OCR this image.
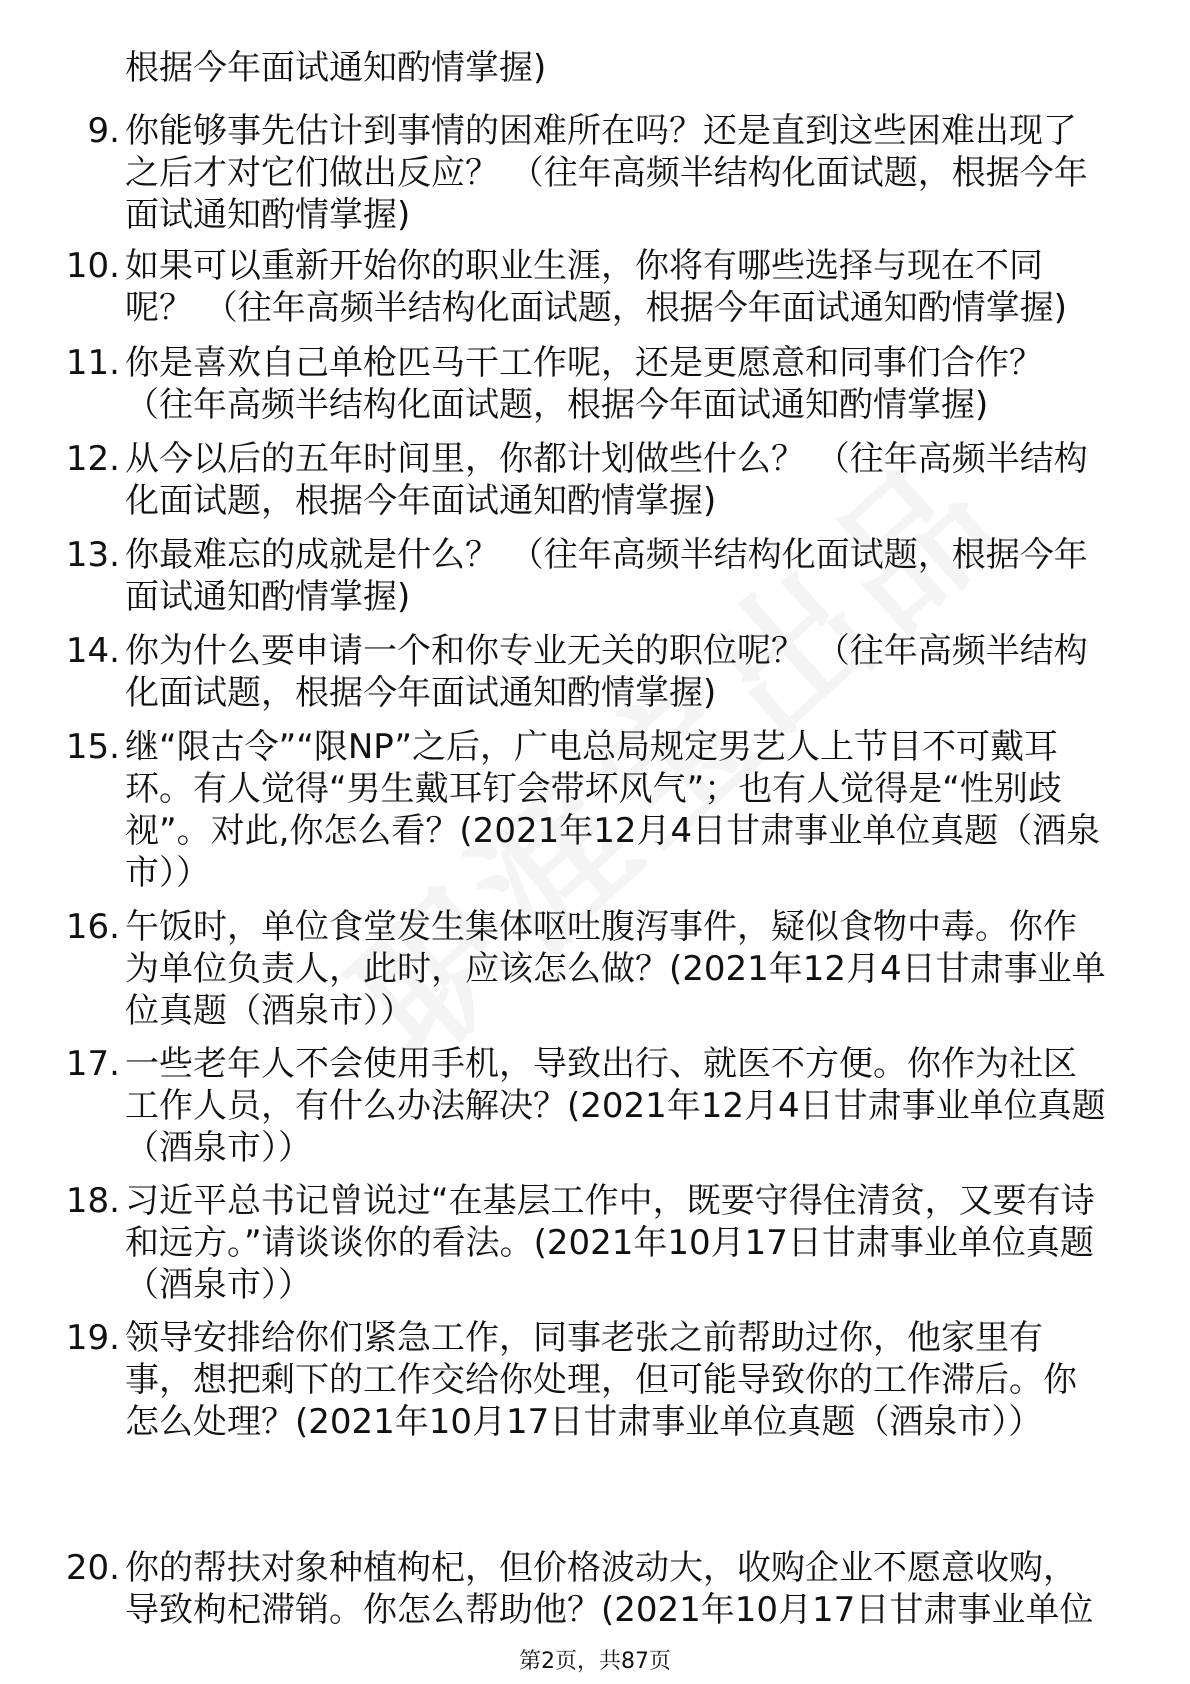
根据今年面试通知酌情掌握)
9. 你能够事先估计到事情的困难所在吗？还是直到这些困难出现了
之后才对它们做出反应？ （往年高频半结构化面试题，根据今年
面试通知酌情掌握)
10. 如果可以重新开始你的职业生涯，你将有哪些选择与现在不同
呢？ （往年高频半结构化面试题，根据今年面试通知酌情掌握)
11. 你是喜欢自己单枪匹马干工作呢，还是更愿意和同事们合作？
（往年高频半结构化面试题，根据今年面试通知酌情掌握)
12. 从今以后的五年时间里，你都计划做些什么？ （往年高频半结构
化面试题，根据今年面试通知酌情掌握)
13. 你最难忘的成就是什么？ （往年高频半结构化面试题，根据今年
面试通知酌情掌握)
14. 你为什么要申请一个和你专业无关的职位呢？ （往年高频半结构
化面试题，根据今年面试通知酌情掌握)
15. 继“限古令”“限NP”之后，广电总局规定男艺人上节目不可戴耳
环。有人觉得“男生戴耳钉会带坏风气”；也有人觉得是“性别歧
视”。对此,你怎么看？(2021年12月4日甘肃事业单位真题（酒泉
市））
16. 午饭时，单位食堂发生集体呕吐腹泻事件，疑似食物中毒。你作
为单位负责人，此时，应该怎么做？(2021年12月4日甘肃事业单
位真题（酒泉市））
17. 一些老年人不会使用手机，导致出行、就医不方便。你作为社区
工作人员，有什么办法解决？(2021年12月4日甘肃事业单位真题
（酒泉市））
18. 习近平总书记曾说过“在基层工作中，既要守得住清贫，又要有诗
和远方。”请谈谈你的看法。(2021年10月17日甘肃事业单位真题
（酒泉市））
19. 领导安排给你们紧急工作，同事老张之前帮助过你，他家里有
事，想把剩下的工作交给你处理，但可能导致你的工作滞后。你
怎么处理？(2021年10月17日甘肃事业单位真题（酒泉市））
20. 你的帮扶对象种植枸杞，但价格波动大，收购企业不愿意收购，
导致枸杞滞销。你怎么帮助他？(2021年10月17日甘肃事业单位
第2页，共87页
